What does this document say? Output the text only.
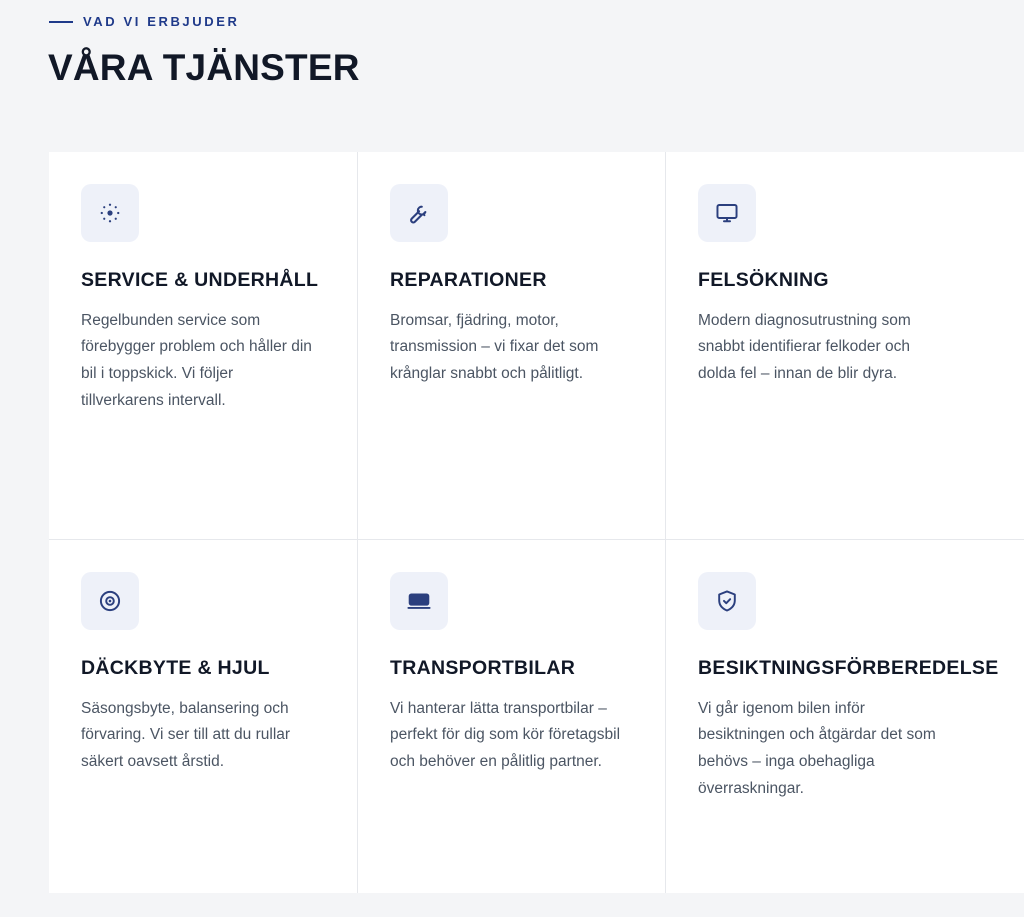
VAD VI ERBJUDER
VÅRA TJÄNSTER
SERVICE & UNDERHÅLL

Regelbunden service som förebygger problem och håller din bil i toppskick. Vi följer tillverkarens intervall.

REPARATIONER

Bromsar, fjädring, motor, transmission – vi fixar det som krånglar snabbt och pålitligt.

FELSÖKNING

Modern diagnosutrustning som snabbt identifierar felkoder och dolda fel – innan de blir dyra.

DÄCKBYTE & HJUL

Säsongsbyte, balansering och förvaring. Vi ser till att du rullar säkert oavsett årstid.

TRANSPORTBILAR

Vi hanterar lätta transportbilar – perfekt för dig som kör företagsbil och behöver en pålitlig partner.

BESIKTNINGSFÖRBEREDELSE

Vi går igenom bilen inför besiktningen och åtgärdar det som behövs – inga obehagliga överraskningar.
